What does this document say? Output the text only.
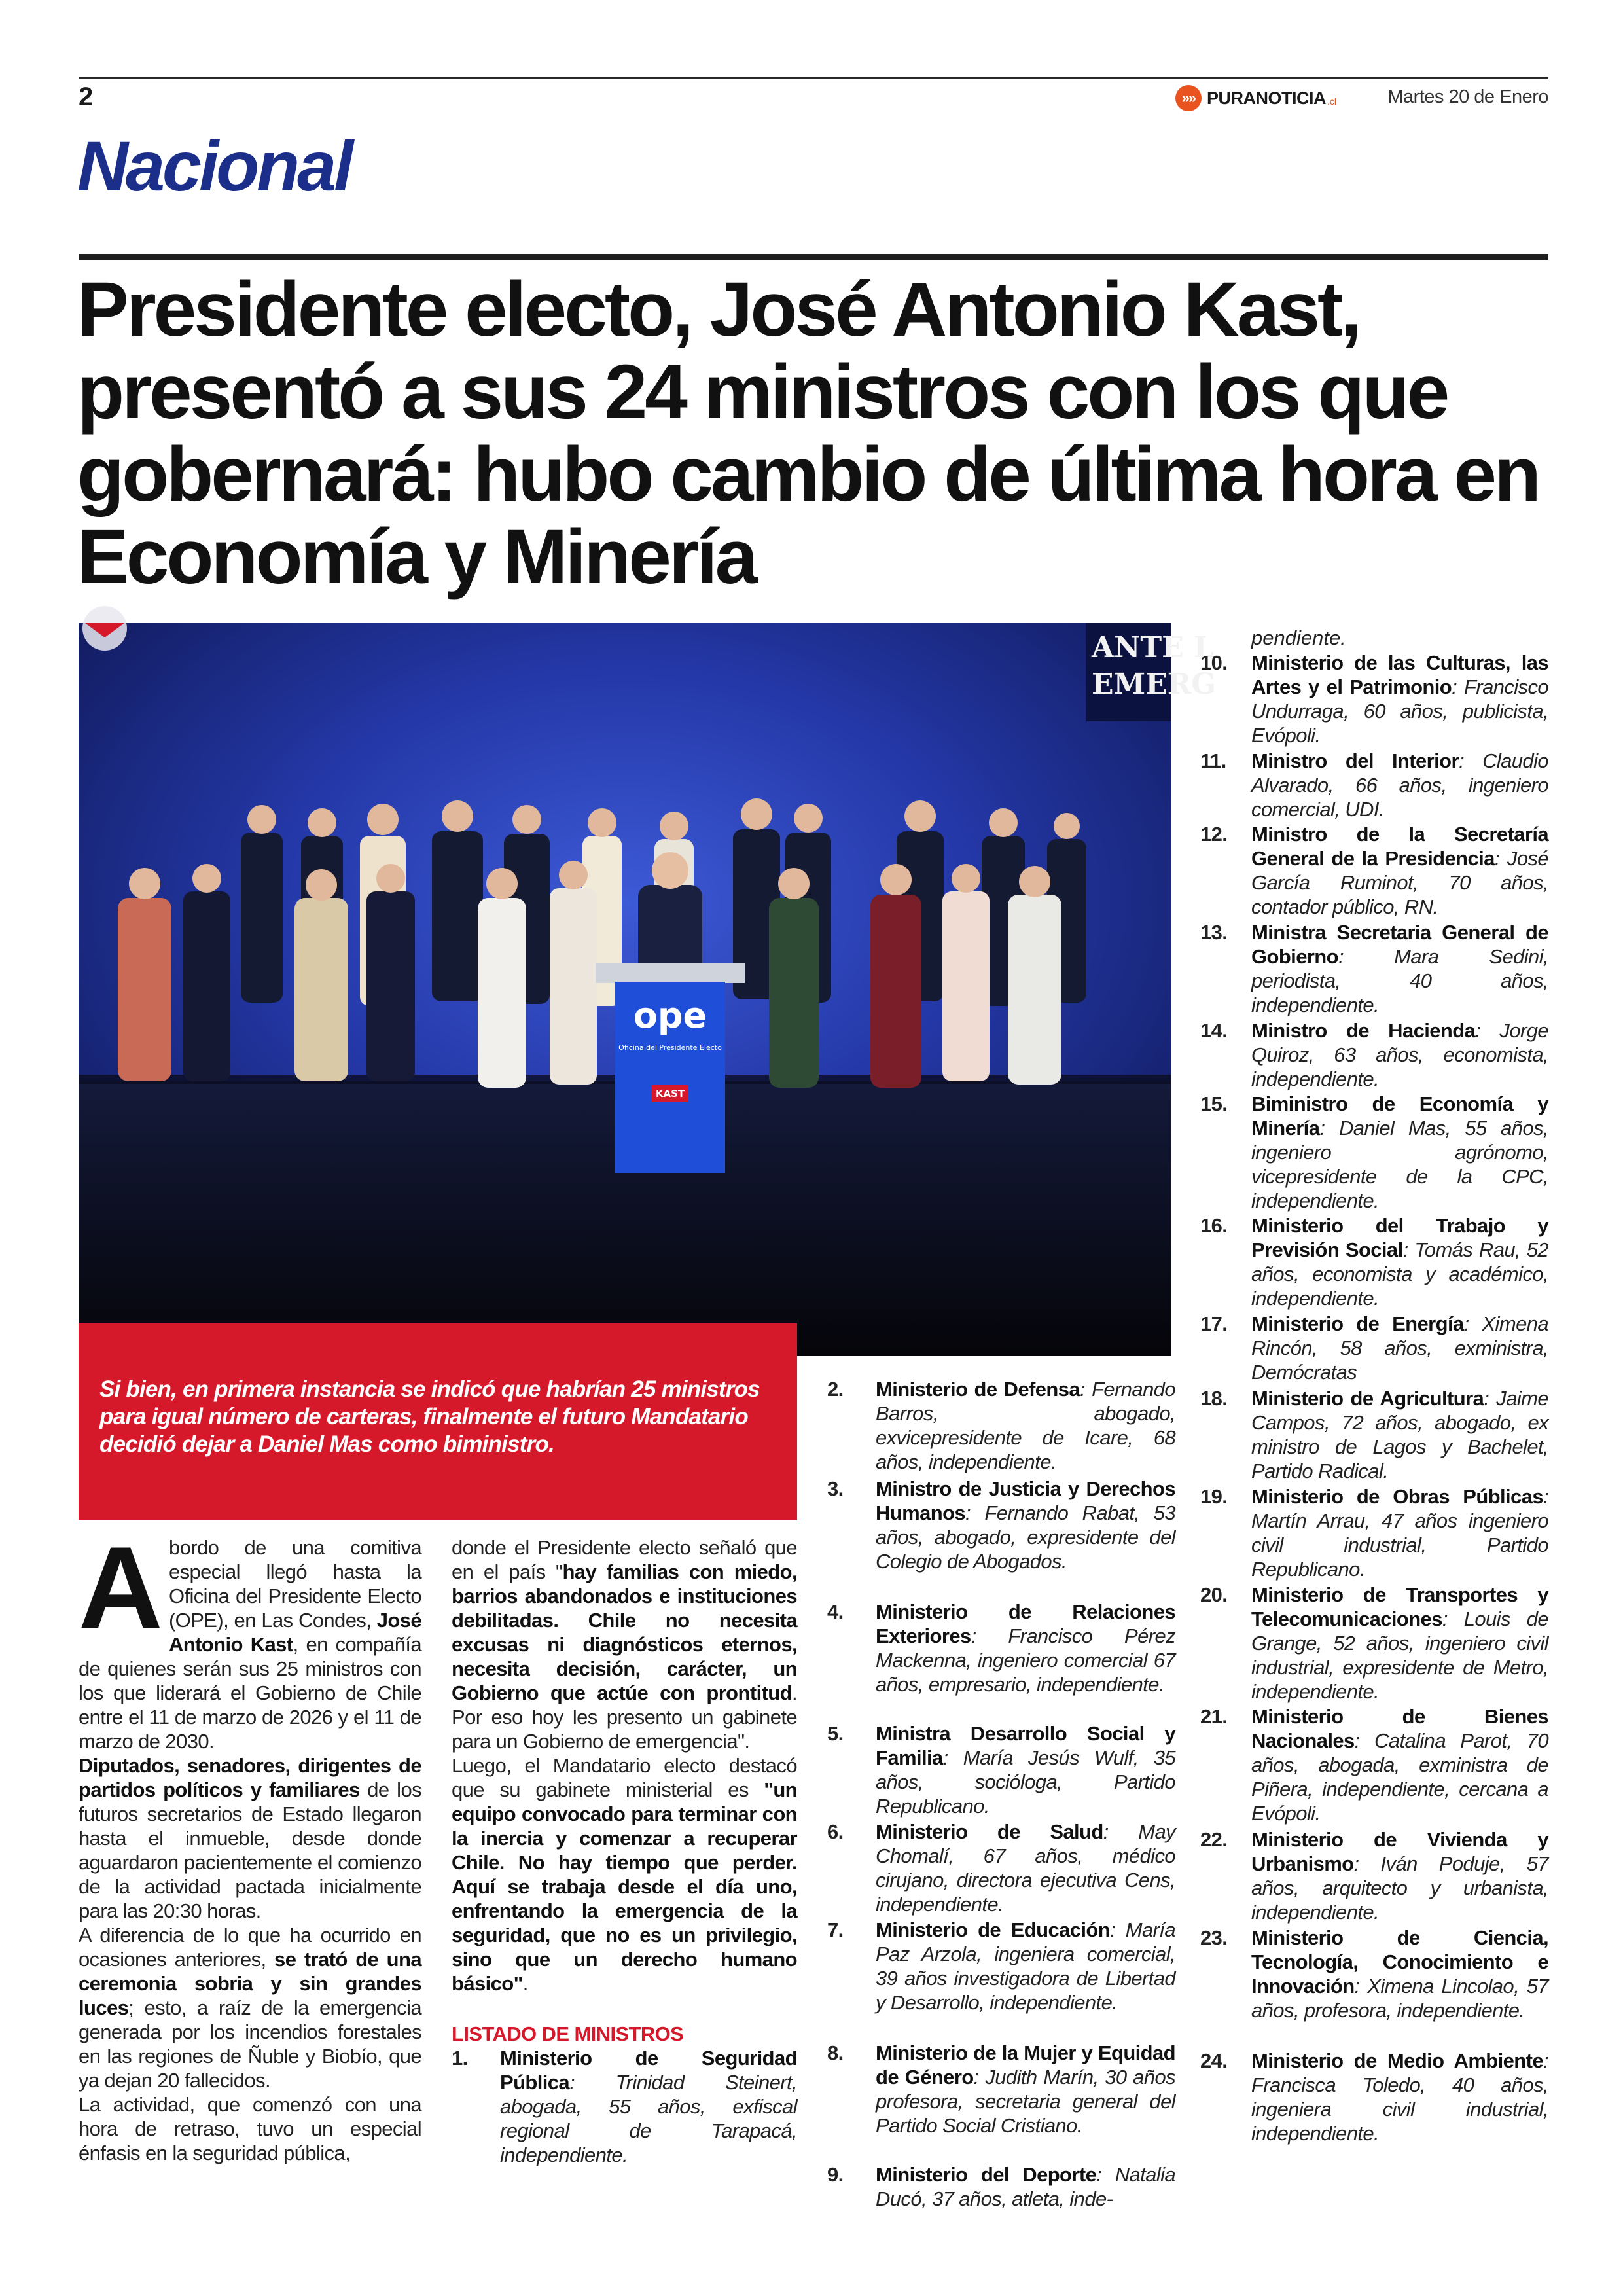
2	»» PURANOTICIA .cl	Martes 20 de Enero
Nacional
Presidente electo, José Antonio Kast, presentó a sus 24 ministros con los que gobernará: hubo cambio de última hora en Economía y Minería
ANTE L
EMERG
ope
Oficina del Presidente Electo
KAST
Si bien, en primera instancia se indicó que habrían 25 ministros para igual número de carteras, finalmente el futuro Mandatario decidió dejar a Daniel Mas como biministro.
A bordo de una comitiva especial llegó hasta la Oficina del Presidente Electo (OPE), en Las Condes, José Antonio Kast, en compañía de quienes serán sus 25 ministros con los que liderará el Gobierno de Chile entre el 11 de marzo de 2026 y el 11 de marzo de 2030.

Diputados, senadores, dirigentes de partidos políticos y familiares de los futuros secretarios de Estado llegaron hasta el inmueble, desde donde aguardaron pacientemente el comienzo de la actividad pactada inicialmente para las 20:30 horas.

A diferencia de lo que ha ocurrido en ocasiones anteriores, se trató de una ceremonia sobria y sin grandes luces; esto, a raíz de la emergencia generada por los incendios forestales en las regiones de Ñuble y Biobío, que ya dejan 20 fallecidos.

La actividad, que comenzó con una hora de retraso, tuvo un especial énfasis en la seguridad pública,

donde el Presidente electo señaló que en el país "hay familias con miedo, barrios abandonados e instituciones debilitadas. Chile no necesita excusas ni diagnósticos eternos, necesita decisión, carácter, un Gobierno que actúe con prontitud. Por eso hoy les presento un gabinete para un Gobierno de emergencia".

Luego, el Mandatario electo destacó que su gabinete ministerial es "un equipo convocado para terminar con la inercia y comenzar a recuperar Chile. No hay tiempo que perder. Aquí se trabaja desde el día uno, enfrentando la emergencia de la seguridad, que no es un privilegio, sino que un derecho humano básico".

LISTADO DE MINISTROS
1.	Ministerio de Seguridad Pública: Trinidad Steinert, abogada, 55 años, exfiscal regional de Tarapacá, independiente.
2.	Ministerio de Defensa: Fernando Barros, abogado, exvicepresidente de Icare, 68 años, independiente.
3.	Ministro de Justicia y Derechos Humanos: Fernando Rabat, 53 años, abogado, expresidente del Colegio de Abogados.
4.	Ministerio de Relaciones Exteriores: Francisco Pérez Mackenna, ingeniero comercial 67 años, empresario, independiente.
5.	Ministra Desarrollo Social y Familia: María Jesús Wulf, 35 años, socióloga, Partido Republicano.
6.	Ministerio de Salud: May Chomalí, 67 años, médico cirujano, directora ejecutiva Cens, independiente.
7.	Ministerio de Educación: María Paz Arzola, ingeniera comercial, 39 años investigadora de Libertad y Desarrollo, independiente.
8.	Ministerio de la Mujer y Equidad de Género: Judith Marín, 30 años profesora, secretaria general del Partido Social Cristiano.
9.	Ministerio del Deporte: Natalia Ducó, 37 años, atleta, inde-
pendiente.
10.	Ministerio de las Culturas, las Artes y el Patrimonio: Francisco Undurraga, 60 años, publicista, Evópoli.
11.	Ministro del Interior: Claudio Alvarado, 66 años, ingeniero comercial, UDI.
12.	Ministro de la Secretaría General de la Presidencia: José García Ruminot, 70 años, contador público, RN.
13.	Ministra Secretaria General de Gobierno: Mara Sedini, periodista, 40 años, independiente.
14.	Ministro de Hacienda: Jorge Quiroz, 63 años, economista, independiente.
15.	Biministro de Economía y Minería: Daniel Mas, 55 años, ingeniero agrónomo, vicepresidente de la CPC, independiente.
16.	Ministerio del Trabajo y Previsión Social: Tomás Rau, 52 años, economista y académico, independiente.
17.	Ministerio de Energía: Ximena Rincón, 58 años, exministra, Demócratas
18.	Ministerio de Agricultura: Jaime Campos, 72 años, abogado, ex ministro de Lagos y Bachelet, Partido Radical.
19.	Ministerio de Obras Públicas: Martín Arrau, 47 años ingeniero civil industrial, Partido Republicano.
20.	Ministerio de Transportes y Telecomunicaciones: Louis de Grange, 52 años, ingeniero civil industrial, expresidente de Metro, independiente.
21.	Ministerio de Bienes Nacionales: Catalina Parot, 70 años, abogada, exministra de Piñera, independiente, cercana a Evópoli.
22.	Ministerio de Vivienda y Urbanismo: Iván Poduje, 57 años, arquitecto y urbanista, independiente.
23.	Ministerio de Ciencia, Tecnología, Conocimiento e Innovación: Ximena Lincolao, 57 años, profesora, independiente.
24.	Ministerio de Medio Ambiente: Francisca Toledo, 40 años, ingeniera civil industrial, independiente.
